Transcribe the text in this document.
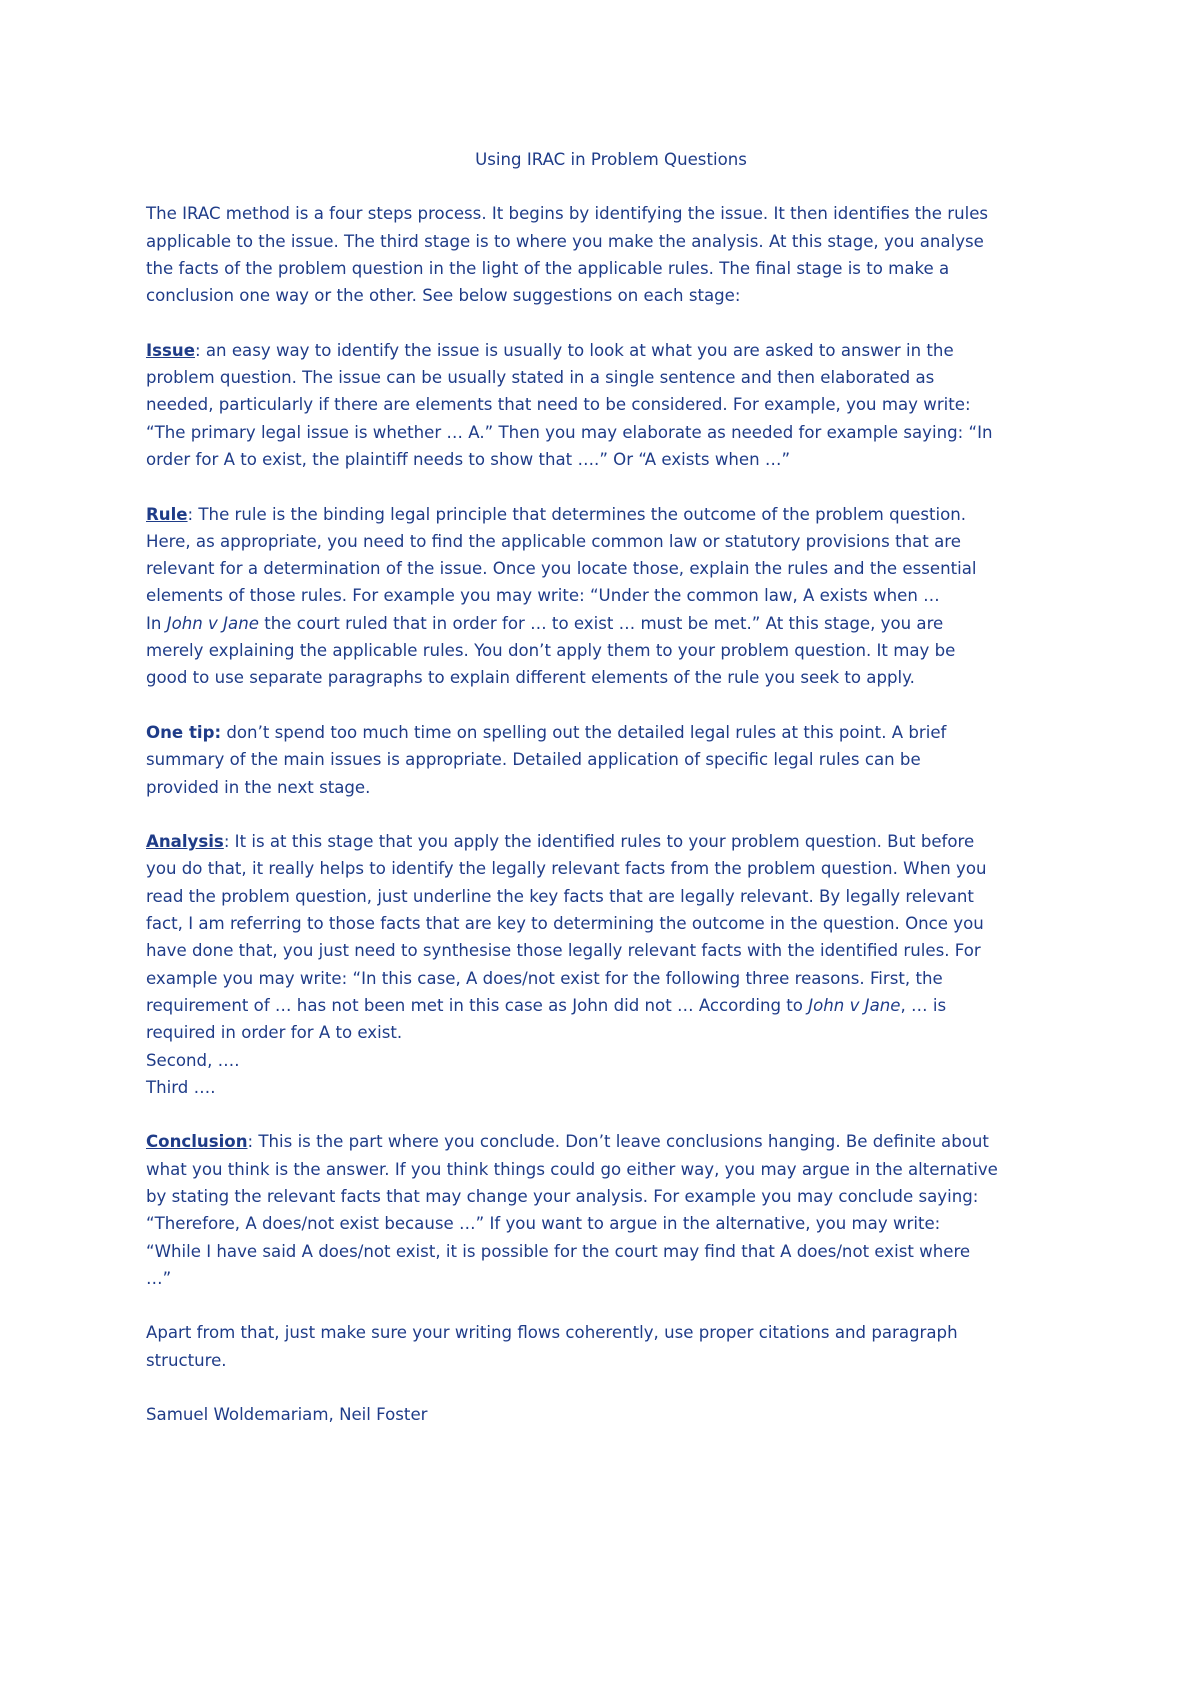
Using IRAC in Problem Questions
The IRAC method is a four steps process. It begins by identifying the issue. It then identifies the rules
applicable to the issue. The third stage is to where you make the analysis. At this stage, you analyse
the facts of the problem question in the light of the applicable rules. The final stage is to make a
conclusion one way or the other. See below suggestions on each stage:
Issue: an easy way to identify the issue is usually to look at what you are asked to answer in the
problem question. The issue can be usually stated in a single sentence and then elaborated as
needed, particularly if there are elements that need to be considered. For example, you may write:
“The primary legal issue is whether … A.” Then you may elaborate as needed for example saying: “In
order for A to exist, the plaintiff needs to show that ….” Or “A exists when …”
Rule: The rule is the binding legal principle that determines the outcome of the problem question.
Here, as appropriate, you need to find the applicable common law or statutory provisions that are
relevant for a determination of the issue. Once you locate those, explain the rules and the essential
elements of those rules. For example you may write: “Under the common law, A exists when …
In John v Jane the court ruled that in order for … to exist … must be met.” At this stage, you are
merely explaining the applicable rules. You don’t apply them to your problem question. It may be
good to use separate paragraphs to explain different elements of the rule you seek to apply.
One tip: don’t spend too much time on spelling out the detailed legal rules at this point. A brief
summary of the main issues is appropriate. Detailed application of specific legal rules can be
provided in the next stage.
Analysis: It is at this stage that you apply the identified rules to your problem question. But before
you do that, it really helps to identify the legally relevant facts from the problem question. When you
read the problem question, just underline the key facts that are legally relevant. By legally relevant
fact, I am referring to those facts that are key to determining the outcome in the question. Once you
have done that, you just need to synthesise those legally relevant facts with the identified rules. For
example you may write: “In this case, A does/not exist for the following three reasons. First, the
requirement of … has not been met in this case as John did not … According to John v Jane, … is
required in order for A to exist.
Second, ….
Third ….
Conclusion: This is the part where you conclude. Don’t leave conclusions hanging. Be definite about
what you think is the answer. If you think things could go either way, you may argue in the alternative
by stating the relevant facts that may change your analysis. For example you may conclude saying:
“Therefore, A does/not exist because …” If you want to argue in the alternative, you may write:
“While I have said A does/not exist, it is possible for the court may find that A does/not exist where
…”
Apart from that, just make sure your writing flows coherently, use proper citations and paragraph
structure.
Samuel Woldemariam, Neil Foster
